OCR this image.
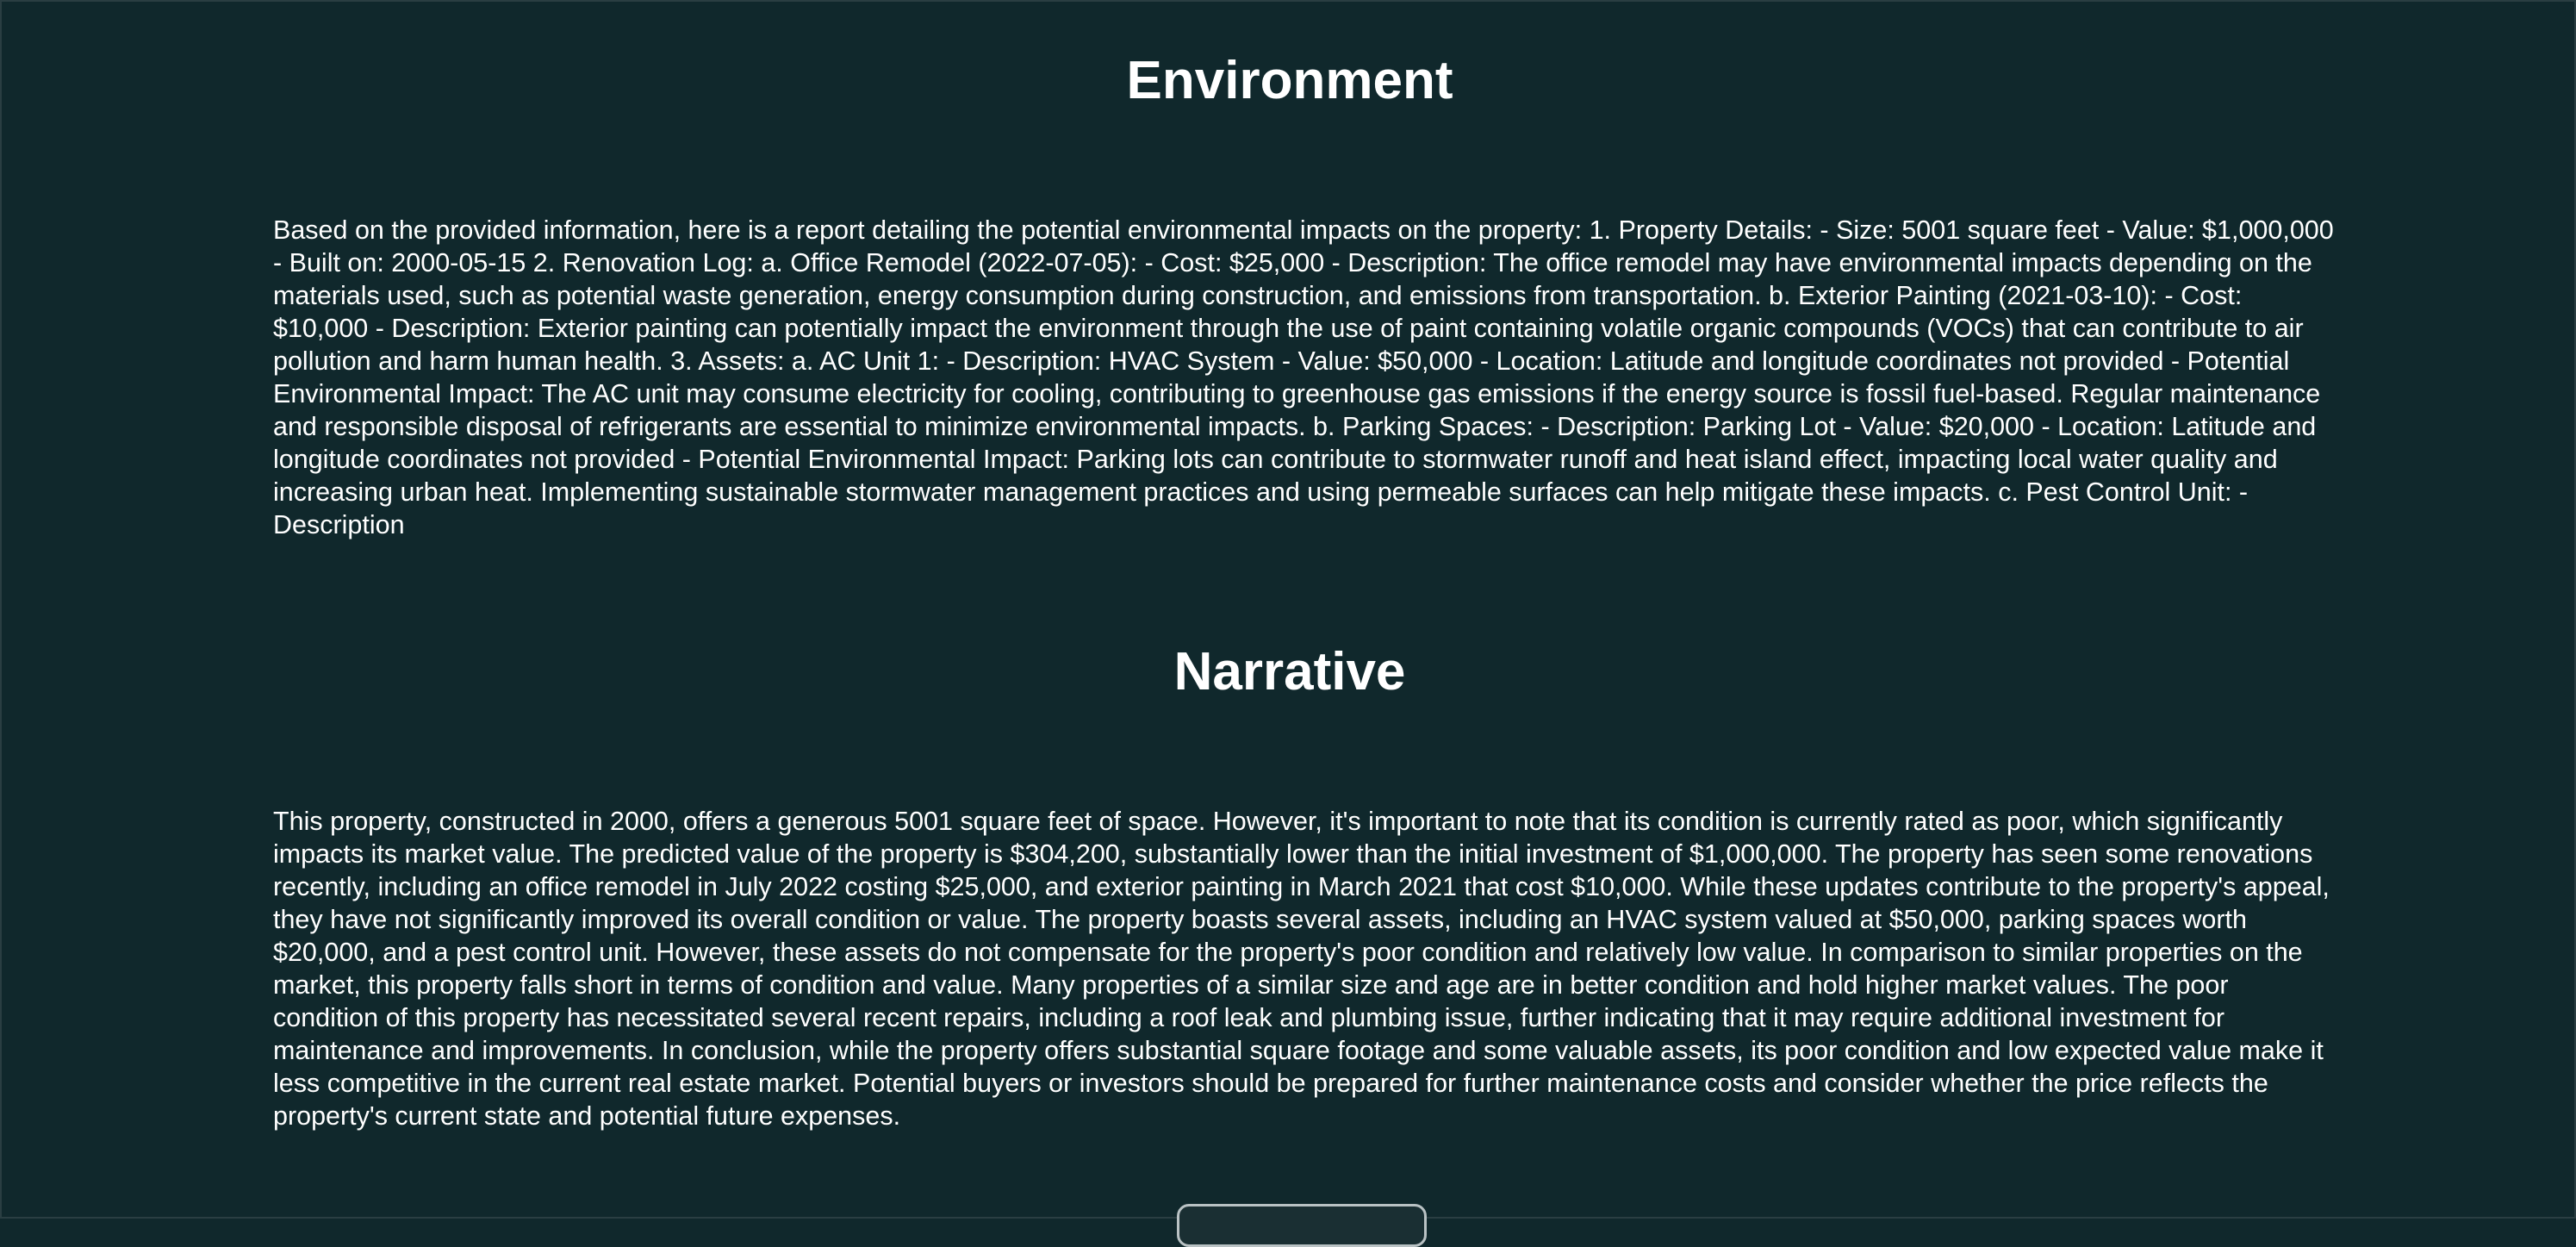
Environment

Based on the provided information, here is a report detailing the potential environmental impacts on the property: 1. Property Details: - Size: 5001 square feet - Value: $1,000,000 - Built on: 2000-05-15 2. Renovation Log: a. Office Remodel (2022-07-05): - Cost: $25,000 - Description: The office remodel may have environmental impacts depending on the materials used, such as potential waste generation, energy consumption during construction, and emissions from transportation. b. Exterior Painting (2021-03-10): - Cost: $10,000 - Description: Exterior painting can potentially impact the environment through the use of paint containing volatile organic compounds (VOCs) that can contribute to air pollution and harm human health. 3. Assets: a. AC Unit 1: - Description: HVAC System - Value: $50,000 - Location: Latitude and longitude coordinates not provided - Potential Environmental Impact: The AC unit may consume electricity for cooling, contributing to greenhouse gas emissions if the energy source is fossil fuel-based. Regular maintenance and responsible disposal of refrigerants are essential to minimize environmental impacts. b. Parking Spaces: - Description: Parking Lot - Value: $20,000 - Location: Latitude and longitude coordinates not provided - Potential Environmental Impact: Parking lots can contribute to stormwater runoff and heat island effect, impacting local water quality and increasing urban heat. Implementing sustainable stormwater management practices and using permeable surfaces can help mitigate these impacts. c. Pest Control Unit: - Description

Narrative

This property, constructed in 2000, offers a generous 5001 square feet of space. However, it's important to note that its condition is currently rated as poor, which significantly impacts its market value. The predicted value of the property is $304,200, substantially lower than the initial investment of $1,000,000. The property has seen some renovations recently, including an office remodel in July 2022 costing $25,000, and exterior painting in March 2021 that cost $10,000. While these updates contribute to the property's appeal, they have not significantly improved its overall condition or value. The property boasts several assets, including an HVAC system valued at $50,000, parking spaces worth $20,000, and a pest control unit. However, these assets do not compensate for the property's poor condition and relatively low value. In comparison to similar properties on the market, this property falls short in terms of condition and value. Many properties of a similar size and age are in better condition and hold higher market values. The poor condition of this property has necessitated several recent repairs, including a roof leak and plumbing issue, further indicating that it may require additional investment for maintenance and improvements. In conclusion, while the property offers substantial square footage and some valuable assets, its poor condition and low expected value make it less competitive in the current real estate market. Potential buyers or investors should be prepared for further maintenance costs and consider whether the price reflects the property's current state and potential future expenses.
